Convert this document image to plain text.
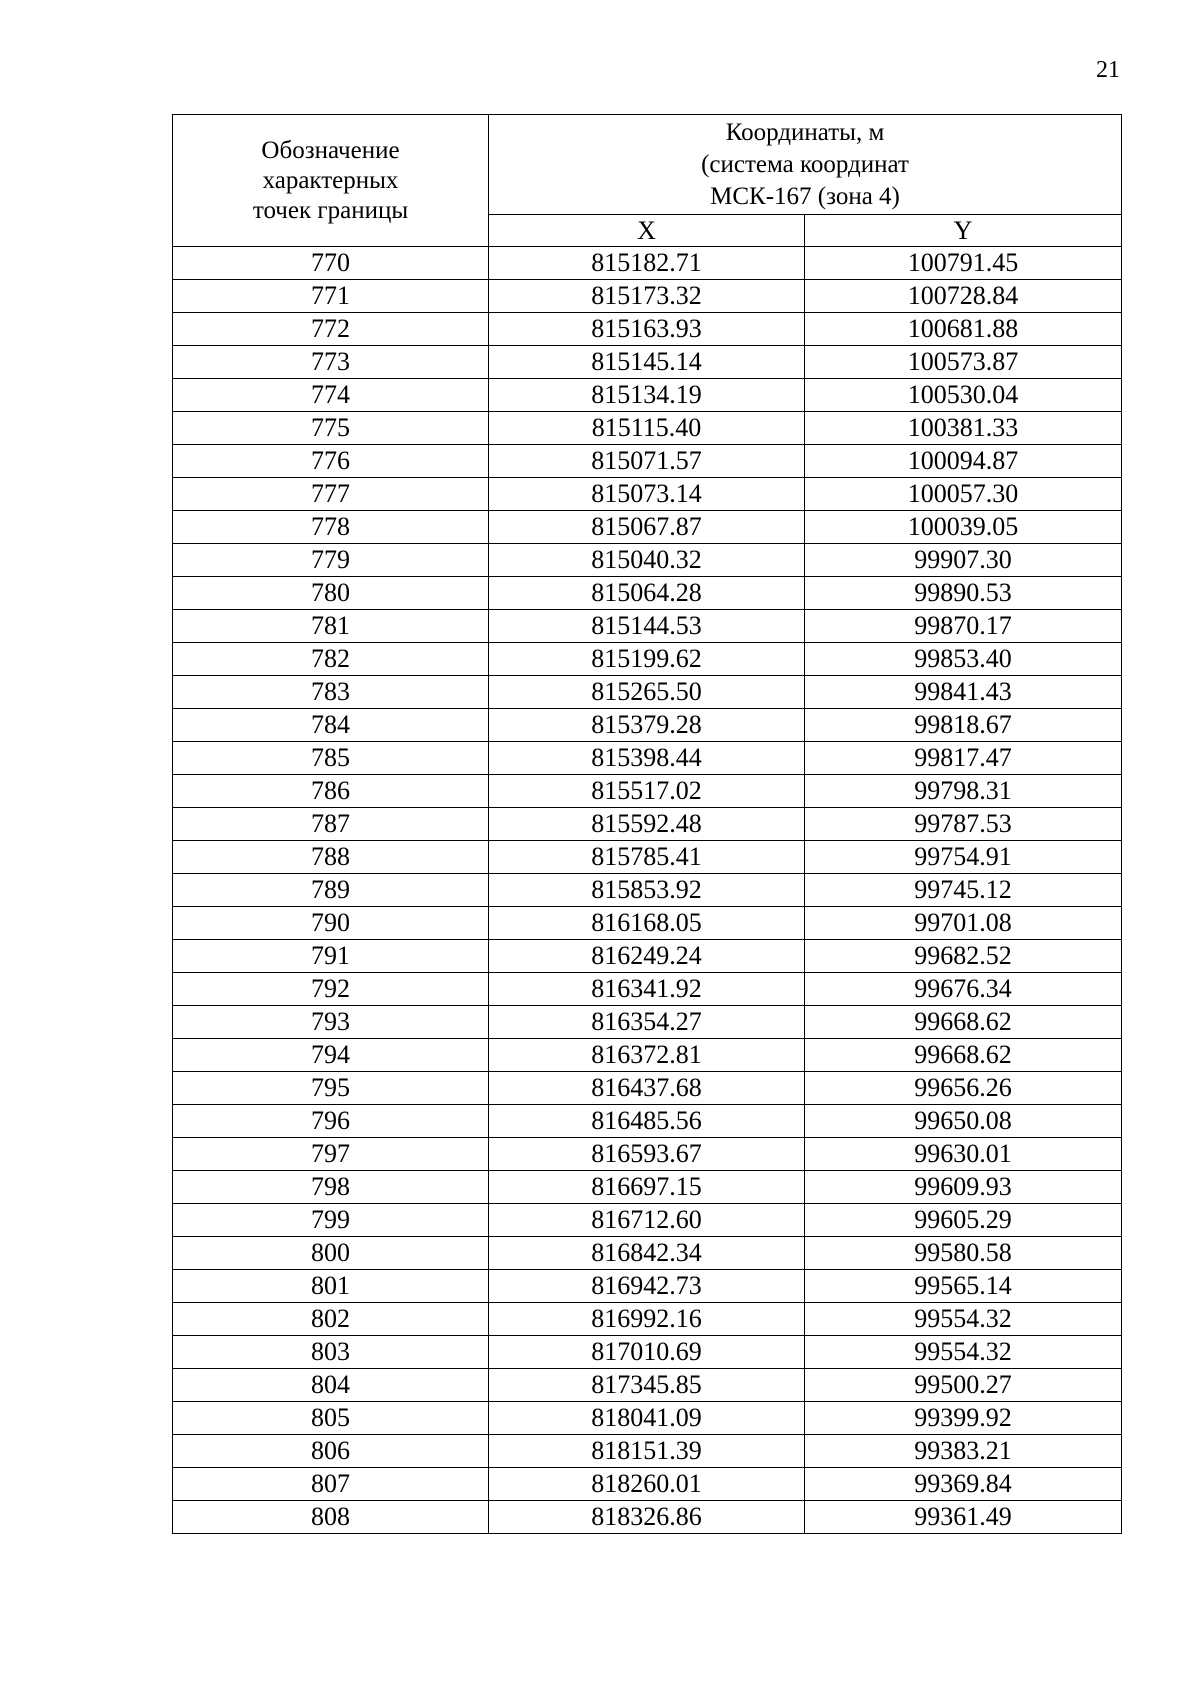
21
Обозначение
характерных
точек границы	Координаты, м
(система координат
МСК-167 (зона 4)	

	X	Y
770	815182.71	100791.45
771	815173.32	100728.84
772	815163.93	100681.88
773	815145.14	100573.87
774	815134.19	100530.04
775	815115.40	100381.33
776	815071.57	100094.87
777	815073.14	100057.30
778	815067.87	100039.05
779	815040.32	99907.30
780	815064.28	99890.53
781	815144.53	99870.17
782	815199.62	99853.40
783	815265.50	99841.43
784	815379.28	99818.67
785	815398.44	99817.47
786	815517.02	99798.31
787	815592.48	99787.53
788	815785.41	99754.91
789	815853.92	99745.12
790	816168.05	99701.08
791	816249.24	99682.52
792	816341.92	99676.34
793	816354.27	99668.62
794	816372.81	99668.62
795	816437.68	99656.26
796	816485.56	99650.08
797	816593.67	99630.01
798	816697.15	99609.93
799	816712.60	99605.29
800	816842.34	99580.58
801	816942.73	99565.14
802	816992.16	99554.32
803	817010.69	99554.32
804	817345.85	99500.27
805	818041.09	99399.92
806	818151.39	99383.21
807	818260.01	99369.84
808	818326.86	99361.49
